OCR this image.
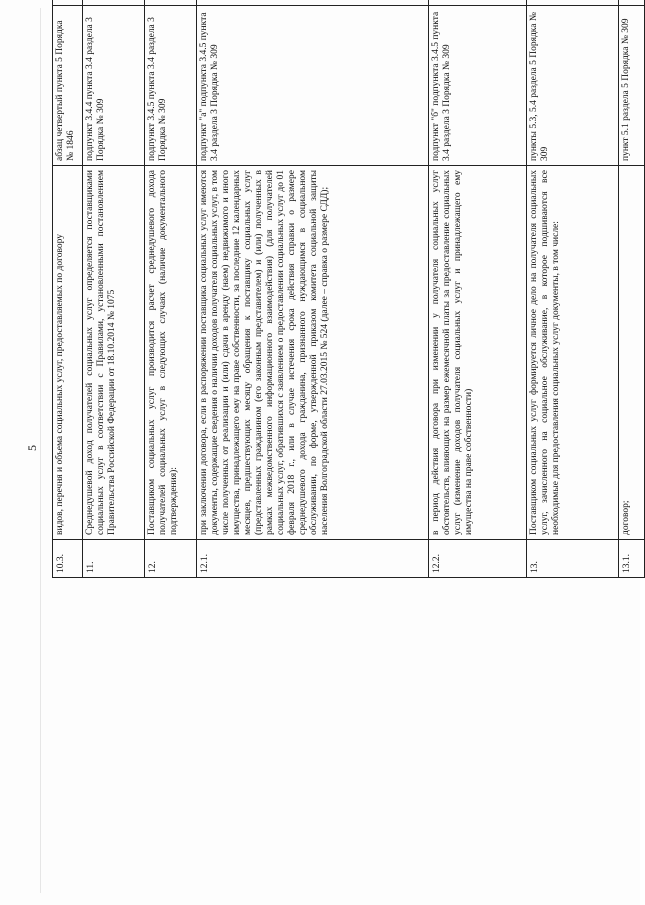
5
10.3.	видов, перечня и объема социальных услуг, предоставляемых по договору	абзац четвертый пункта 5 Порядка № 1846				
11.	Среднедушевой доход получателей социальных услуг определяется поставщиками социальных услуг в соответствии с Правилами, установленными постановлением Правительства Российской Федерации от 18.10.2014 № 1075	подпункт 3.4.4 пункта 3.4 раздела 3 Порядка № 309				
12.	Поставщиком социальных услуг производится расчет среднедушевого дохода получателей социальных услуг в следующих случаях (наличие документального подтверждения):	подпункт 3.4.5 пункта 3.4 раздела 3 Порядка № 309				
12.1.	при заключении договора, если в распоряжении поставщика социальных услуг имеются документы, содержащие сведения о наличии доходов получателя социальных услуг, в том числе полученных от реализации и (или) сдачи в аренду (наем) недвижимого и иного имущества, принадлежащего ему на праве собственности, за последние 12 календарных месяцев, предшествующих месяцу обращения к поставщику социальных услуг (представленных гражданином (его законным представителем) и (или) полученных в рамках межведомственного информационного взаимодействия) (для получателей социальных услуг, обратившихся с заявлением о предоставлении социальных услуг до 01 февраля 2018 г., или в случае истечения срока действия справки о размере среднедушевого дохода гражданина, признанного нуждающимся в социальном обслуживании, по форме, утвержденной приказом комитета социальной защиты населения Волгоградской области 27.03.2015 № 524 (далее – справка о размере СДД);	подпункт "а" подпункта 3.4.5 пункта 3.4 раздела 3 Порядка № 309				
12.2.	в период действия договора при изменении у получателя социальных услуг обстоятельств, влияющих на размер ежемесячной платы за предоставление социальных услуг (изменение доходов получателя социальных услуг и принадлежащего ему имущества на праве собственности)	подпункт "б" подпункта 3.4.5 пункта 3.4 раздела 3 Порядка № 309				
13.	Поставщиком социальных услуг формируется личное дело на получателя социальных услуг, зачисленного на социальное обслуживание, в которое подшиваются все необходимые для предоставления социальных услуг документы, в том числе:	пункты 5.3, 5.4 раздела 5 Порядка № 309				
13.1.	договор;	пункт 5.1 раздела 5 Порядка № 309				
